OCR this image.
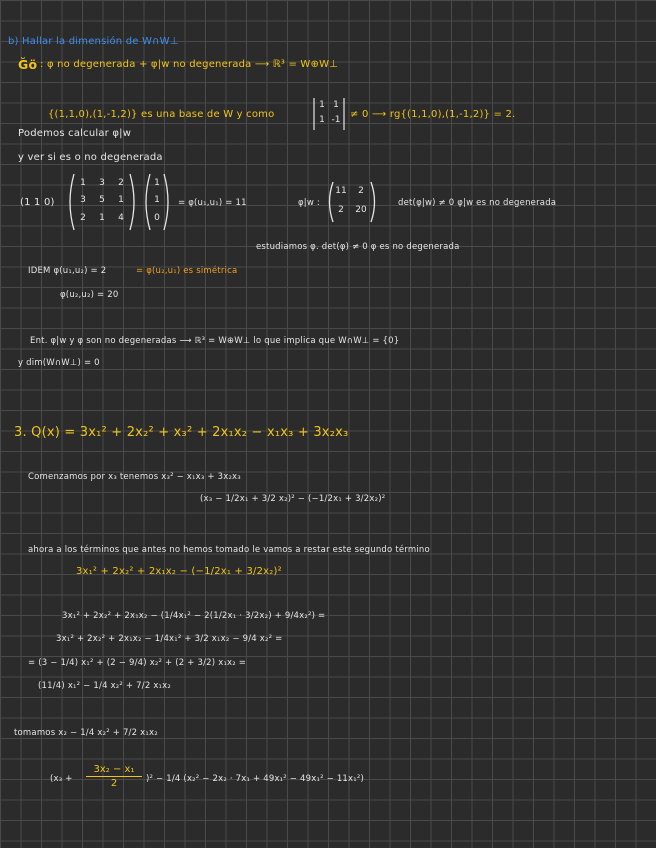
b) Hallar la dimensión de W∩W⊥
Ğö : φ no degenerada + φ|w no degenerada ⟶ ℝ³ = W⊕W⊥
{(1,1,0),(1,-1,2)} es una base de W y como
1 1
1 -1 ≠ 0 ⟶ rg{(1,1,0),(1,-1,2)} = 2.
Podemos calcular φ|w
y ver si es o no degenerada
(1 1 0)
1	3	2
3	5	1
2	1	4
1
1
0
= φ(u₁,u₁) = 11	φ|w :
11	2
2	20
det(φ|w) ≠ 0 φ|w es no degenerada
estudiamos φ. det(φ) ≠ 0 φ es no degenerada
IDEM φ(u₁,u₂) = 2	= φ(u₂,u₁) es simétrica
φ(u₂,u₂) = 20
Ent. φ|w y φ son no degeneradas ⟶ ℝ³ = W⊕W⊥ lo que implica que W∩W⊥ = {0}
y dim(W∩W⊥) = 0
3. Q(x) = 3x₁² + 2x₂² + x₃² + 2x₁x₂ − x₁x₃ + 3x₂x₃
Comenzamos por x₃ tenemos x₃² − x₁x₃ + 3x₂x₃
(x₃ − 1/2x₁ + 3/2 x₂)² − (−1/2x₁ + 3/2x₂)²
ahora a los términos que antes no hemos tomado le vamos a restar este segundo término
3x₁² + 2x₂² + 2x₁x₂ − (−1/2x₁ + 3/2x₂)²
3x₁² + 2x₂² + 2x₁x₂ − (1/4x₁² − 2(1/2x₁ · 3/2x₂) + 9/4x₂²) =
3x₁² + 2x₂² + 2x₁x₂ − 1/4x₁² + 3/2 x₁x₂ − 9/4 x₂² =
= (3 − 1/4) x₁² + (2 − 9/4) x₂² + (2 + 3/2) x₁x₂ =
(11/4) x₁² − 1/4 x₂² + 7/2 x₁x₂
tomamos x₂ − 1/4 x₂² + 7/2 x₁x₂
(x₃ +
3x₂ − x₁
2	)² − 1/4 (x₂² − 2x₂ · 7x₁ + 49x₁² − 49x₁² − 11x₁²)
